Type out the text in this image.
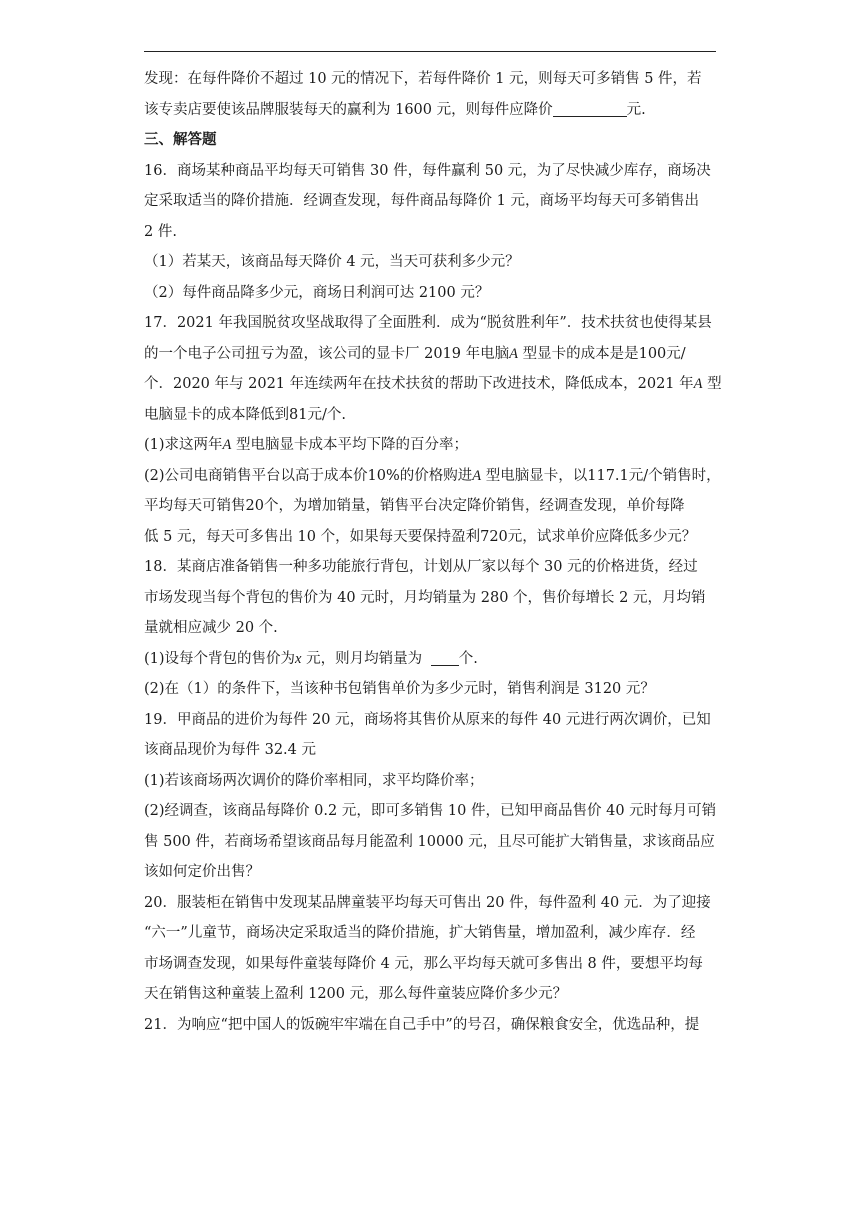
发现：在每件降价不超过 10 元的情况下，若每件降价 1 元，则每天可多销售 5 件，若
该专卖店要使该品牌服装每天的赢利为 1600 元，则每件应降价	元.
三、解答题
16．商场某种商品平均每天可销售 30 件，每件赢利 50 元，为了尽快减少库存，商场决
定采取适当的降价措施．经调查发现，每件商品每降价 1 元，商场平均每天可多销售出
2 件.
（1）若某天，该商品每天降价 4 元，当天可获利多少元？
（2）每件商品降多少元，商场日利润可达 2100 元？
17．2021 年我国脱贫攻坚战取得了全面胜利．成为“脱贫胜利年”．技术扶贫也使得某县
的一个电子公司扭亏为盈，该公司的显卡厂 2019 年电脑A 型显卡的成本是是100元/
个．2020 年与 2021 年连续两年在技术扶贫的帮助下改进技术，降低成本，2021 年A 型
电脑显卡的成本降低到81元/个.
(1)求这两年A 型电脑显卡成本平均下降的百分率；
(2)公司电商销售平台以高于成本价10%的价格购进A 型电脑显卡，以117.1元/个销售时，
平均每天可销售20个，为增加销量，销售平台决定降价销售，经调查发现，单价每降
低 5 元，每天可多售出 10 个，如果每天要保持盈利720元，试求单价应降低多少元？
18．某商店准备销售一种多功能旅行背包，计划从厂家以每个 30 元的价格进货，经过
市场发现当每个背包的售价为 40 元时，月均销量为 280 个，售价每增长 2 元，月均销
量就相应减少 20 个.
(1)设每个背包的售价为x 元，则月均销量为 个.
(2)在（1）的条件下，当该种书包销售单价为多少元时，销售利润是 3120 元？
19．甲商品的进价为每件 20 元，商场将其售价从原来的每件 40 元进行两次调价，已知
该商品现价为每件 32.4 元
(1)若该商场两次调价的降价率相同，求平均降价率；
(2)经调查，该商品每降价 0.2 元，即可多销售 10 件，已知甲商品售价 40 元时每月可销
售 500 件，若商场希望该商品每月能盈利 10000 元，且尽可能扩大销售量，求该商品应
该如何定价出售？
20．服装柜在销售中发现某品牌童装平均每天可售出 20 件，每件盈利 40 元．为了迎接
“六一”儿童节，商场决定采取适当的降价措施，扩大销售量，增加盈利，减少库存．经
市场调查发现，如果每件童装每降价 4 元，那么平均每天就可多售出 8 件，要想平均每
天在销售这种童装上盈利 1200 元，那么每件童装应降价多少元？
21．为响应“把中国人的饭碗牢牢端在自己手中”的号召，确保粮食安全，优选品种，提
